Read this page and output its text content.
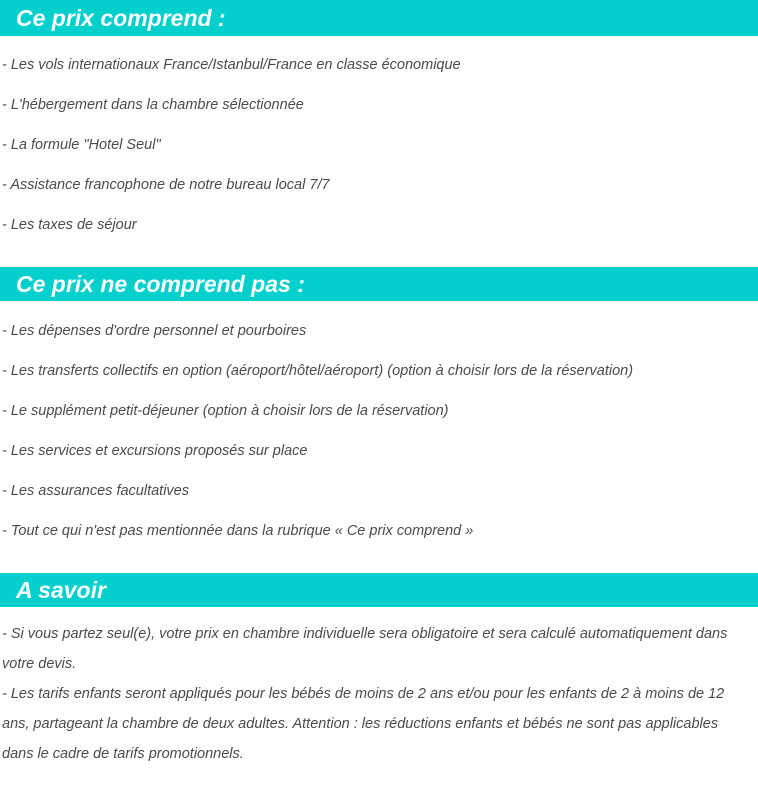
Ce prix comprend :
- Les vols internationaux France/Istanbul/France en classe économique
- L'hébergement dans la chambre sélectionnée
- La formule "Hotel Seul"
- Assistance francophone de notre bureau local 7/7
- Les taxes de séjour
Ce prix ne comprend pas :
- Les dépenses d'ordre personnel et pourboires
- Les transferts collectifs en option (aéroport/hôtel/aéroport) (option à choisir lors de la réservation)
- Le supplément petit-déjeuner (option à choisir lors de la réservation)
- Les services et excursions proposés sur place
- Les assurances facultatives
- Tout ce qui n'est pas mentionnée dans la rubrique « Ce prix comprend »
A savoir
- Si vous partez seul(e), votre prix en chambre individuelle sera obligatoire et sera calculé automatiquement dans votre devis.
- Les tarifs enfants seront appliqués pour les bébés de moins de 2 ans et/ou pour les enfants de 2 à moins de 12 ans, partageant la chambre de deux adultes. Attention : les réductions enfants et bébés ne sont pas applicables dans le cadre de tarifs promotionnels.
